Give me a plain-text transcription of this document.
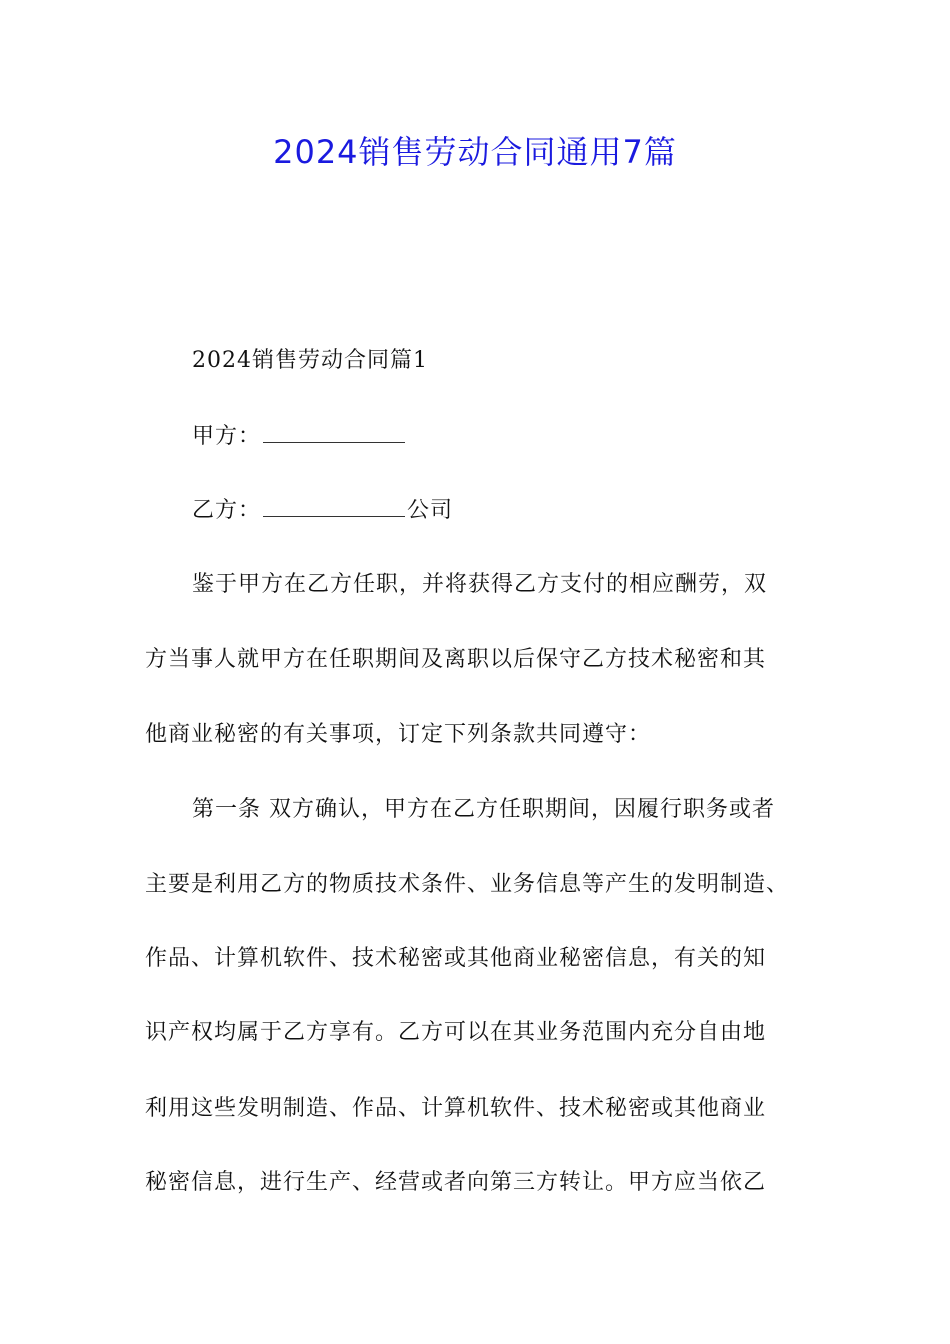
2024销售劳动合同通用7篇
2024销售劳动合同篇1
甲方：
乙方：	公司
鉴于甲方在乙方任职，并将获得乙方支付的相应酬劳，双
方当事人就甲方在任职期间及离职以后保守乙方技术秘密和其
他商业秘密的有关事项，订定下列条款共同遵守：
第一条 双方确认，甲方在乙方任职期间，因履行职务或者
主要是利用乙方的物质技术条件、业务信息等产生的发明制造、
作品、计算机软件、技术秘密或其他商业秘密信息，有关的知
识产权均属于乙方享有。乙方可以在其业务范围内充分自由地
利用这些发明制造、作品、计算机软件、技术秘密或其他商业
秘密信息，进行生产、经营或者向第三方转让。甲方应当依乙
